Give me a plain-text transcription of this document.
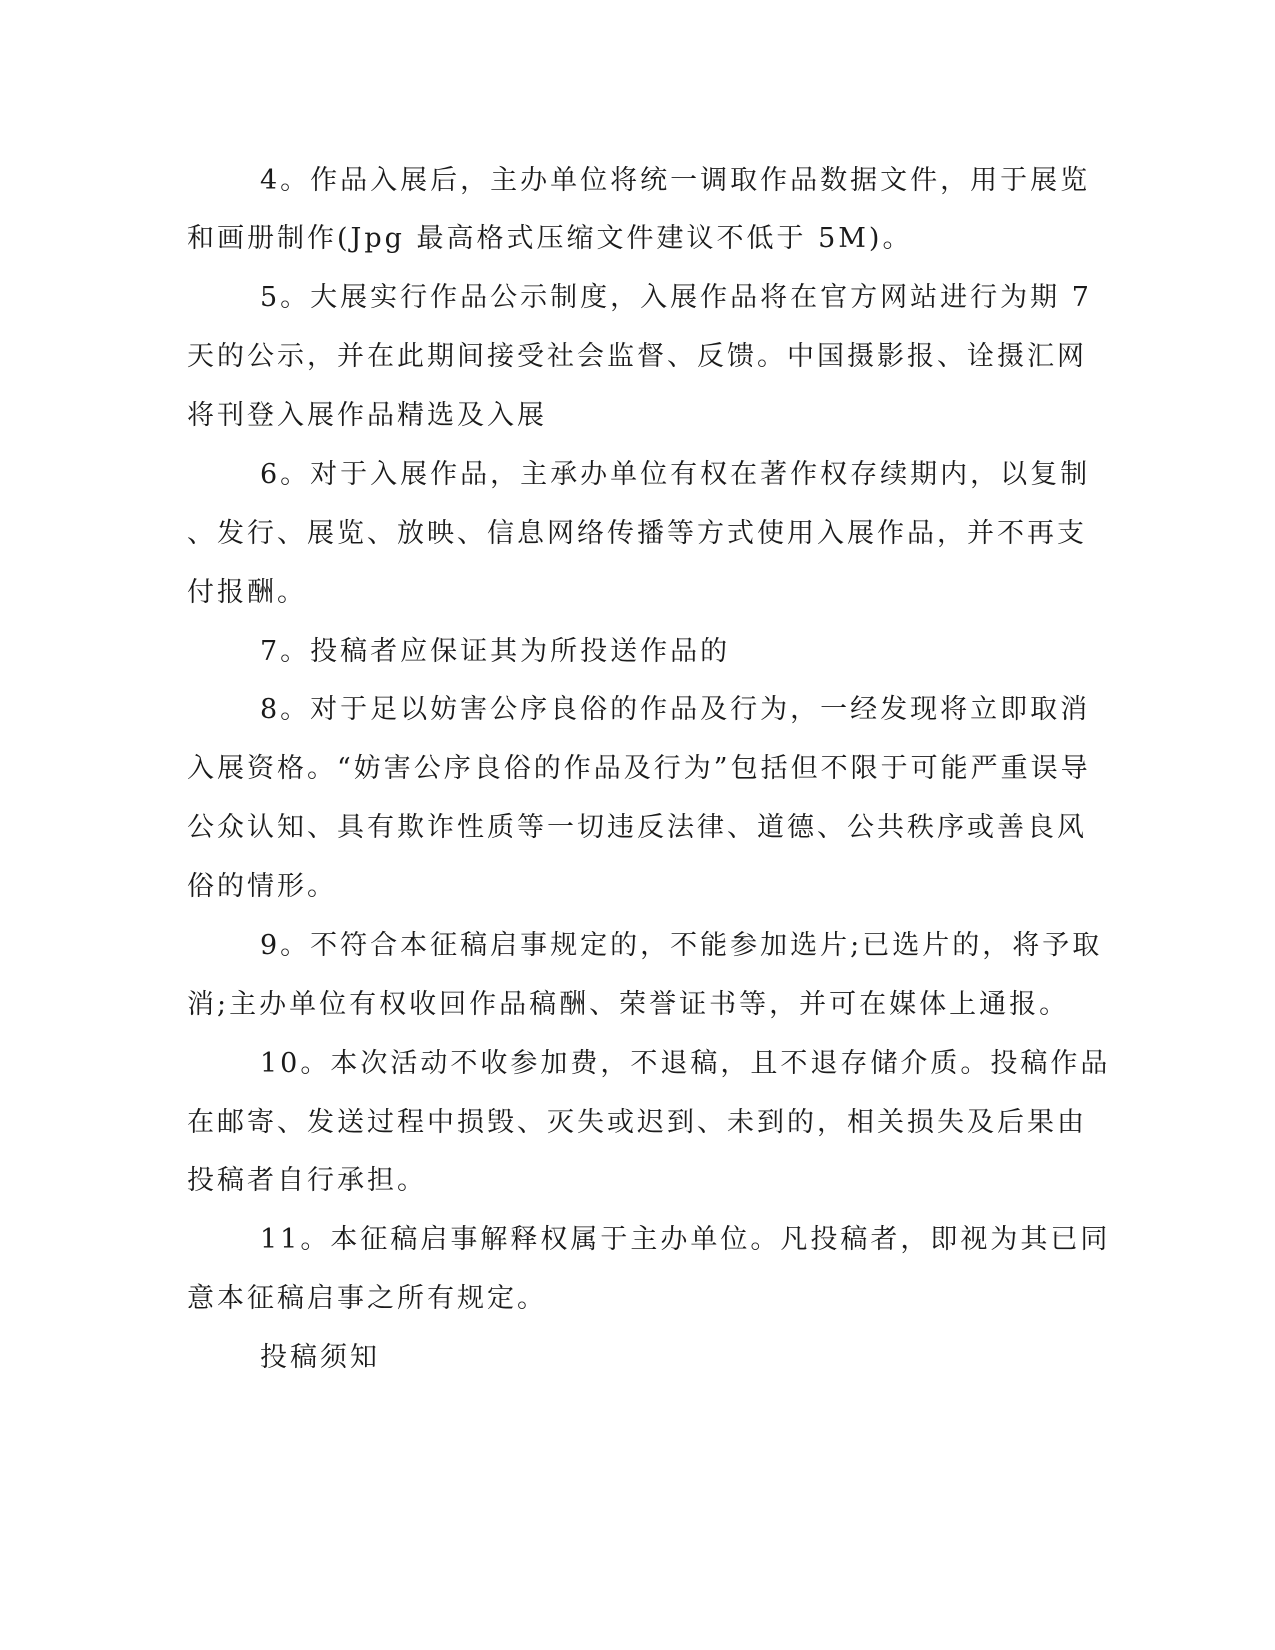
4。作品入展后，主办单位将统一调取作品数据文件，用于展览

和画册制作(Jpg 最高格式压缩文件建议不低于 5M)。

5。大展实行作品公示制度，入展作品将在官方网站进行为期 7

天的公示，并在此期间接受社会监督、反馈。中国摄影报、诠摄汇网

将刊登入展作品精选及入展

6。对于入展作品，主承办单位有权在著作权存续期内，以复制

、发行、展览、放映、信息网络传播等方式使用入展作品，并不再支

付报酬。

7。投稿者应保证其为所投送作品的

8。对于足以妨害公序良俗的作品及行为，一经发现将立即取消

入展资格。“妨害公序良俗的作品及行为”包括但不限于可能严重误导

公众认知、具有欺诈性质等一切违反法律、道德、公共秩序或善良风

俗的情形。

9。不符合本征稿启事规定的，不能参加选片;已选片的，将予取

消;主办单位有权收回作品稿酬、荣誉证书等，并可在媒体上通报。

10。本次活动不收参加费，不退稿，且不退存储介质。投稿作品

在邮寄、发送过程中损毁、灭失或迟到、未到的，相关损失及后果由

投稿者自行承担。

11。本征稿启事解释权属于主办单位。凡投稿者，即视为其已同

意本征稿启事之所有规定。

投稿须知
